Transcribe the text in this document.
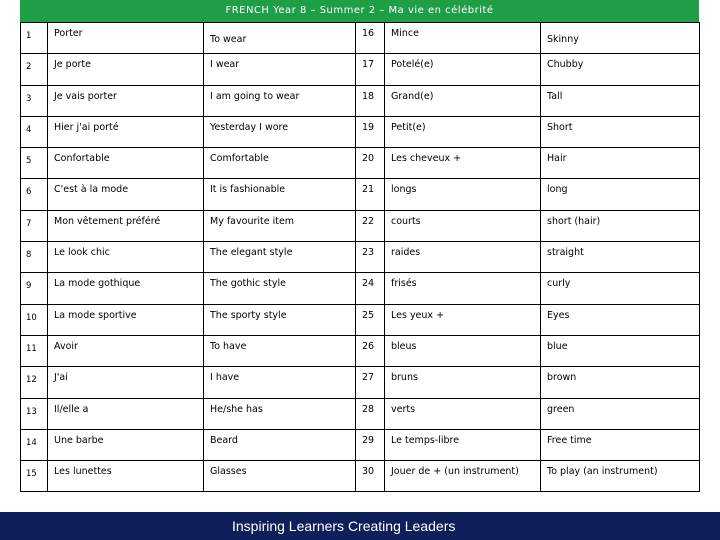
FRENCH Year 8 – Summer 2 – Ma vie en célébrité
1	Porter	To wear	16	Mince	Skinny
2	Je porte	I wear	17	Potelé(e)	Chubby
3	Je vais porter	I am going to wear	18	Grand(e)	Tall
4	Hier j'ai porté	Yesterday I wore	19	Petit(e)	Short
5	Confortable	Comfortable	20	Les cheveux +	Hair
6	C'est à la mode	It is fashionable	21	longs	long
7	Mon vêtement préféré	My favourite item	22	courts	short (hair)
8	Le look chic	The elegant style	23	raides	straight
9	La mode gothique	The gothic style	24	frisés	curly
10	La mode sportive	The sporty style	25	Les yeux +	Eyes
11	Avoir	To have	26	bleus	blue
12	J'ai	I have	27	bruns	brown
13	Il/elle a	He/she has	28	verts	green
14	Une barbe	Beard	29	Le temps-libre	Free time
15	Les lunettes	Glasses	30	Jouer de + (un instrument)	To play (an instrument)
Inspiring Learners Creating Leaders
